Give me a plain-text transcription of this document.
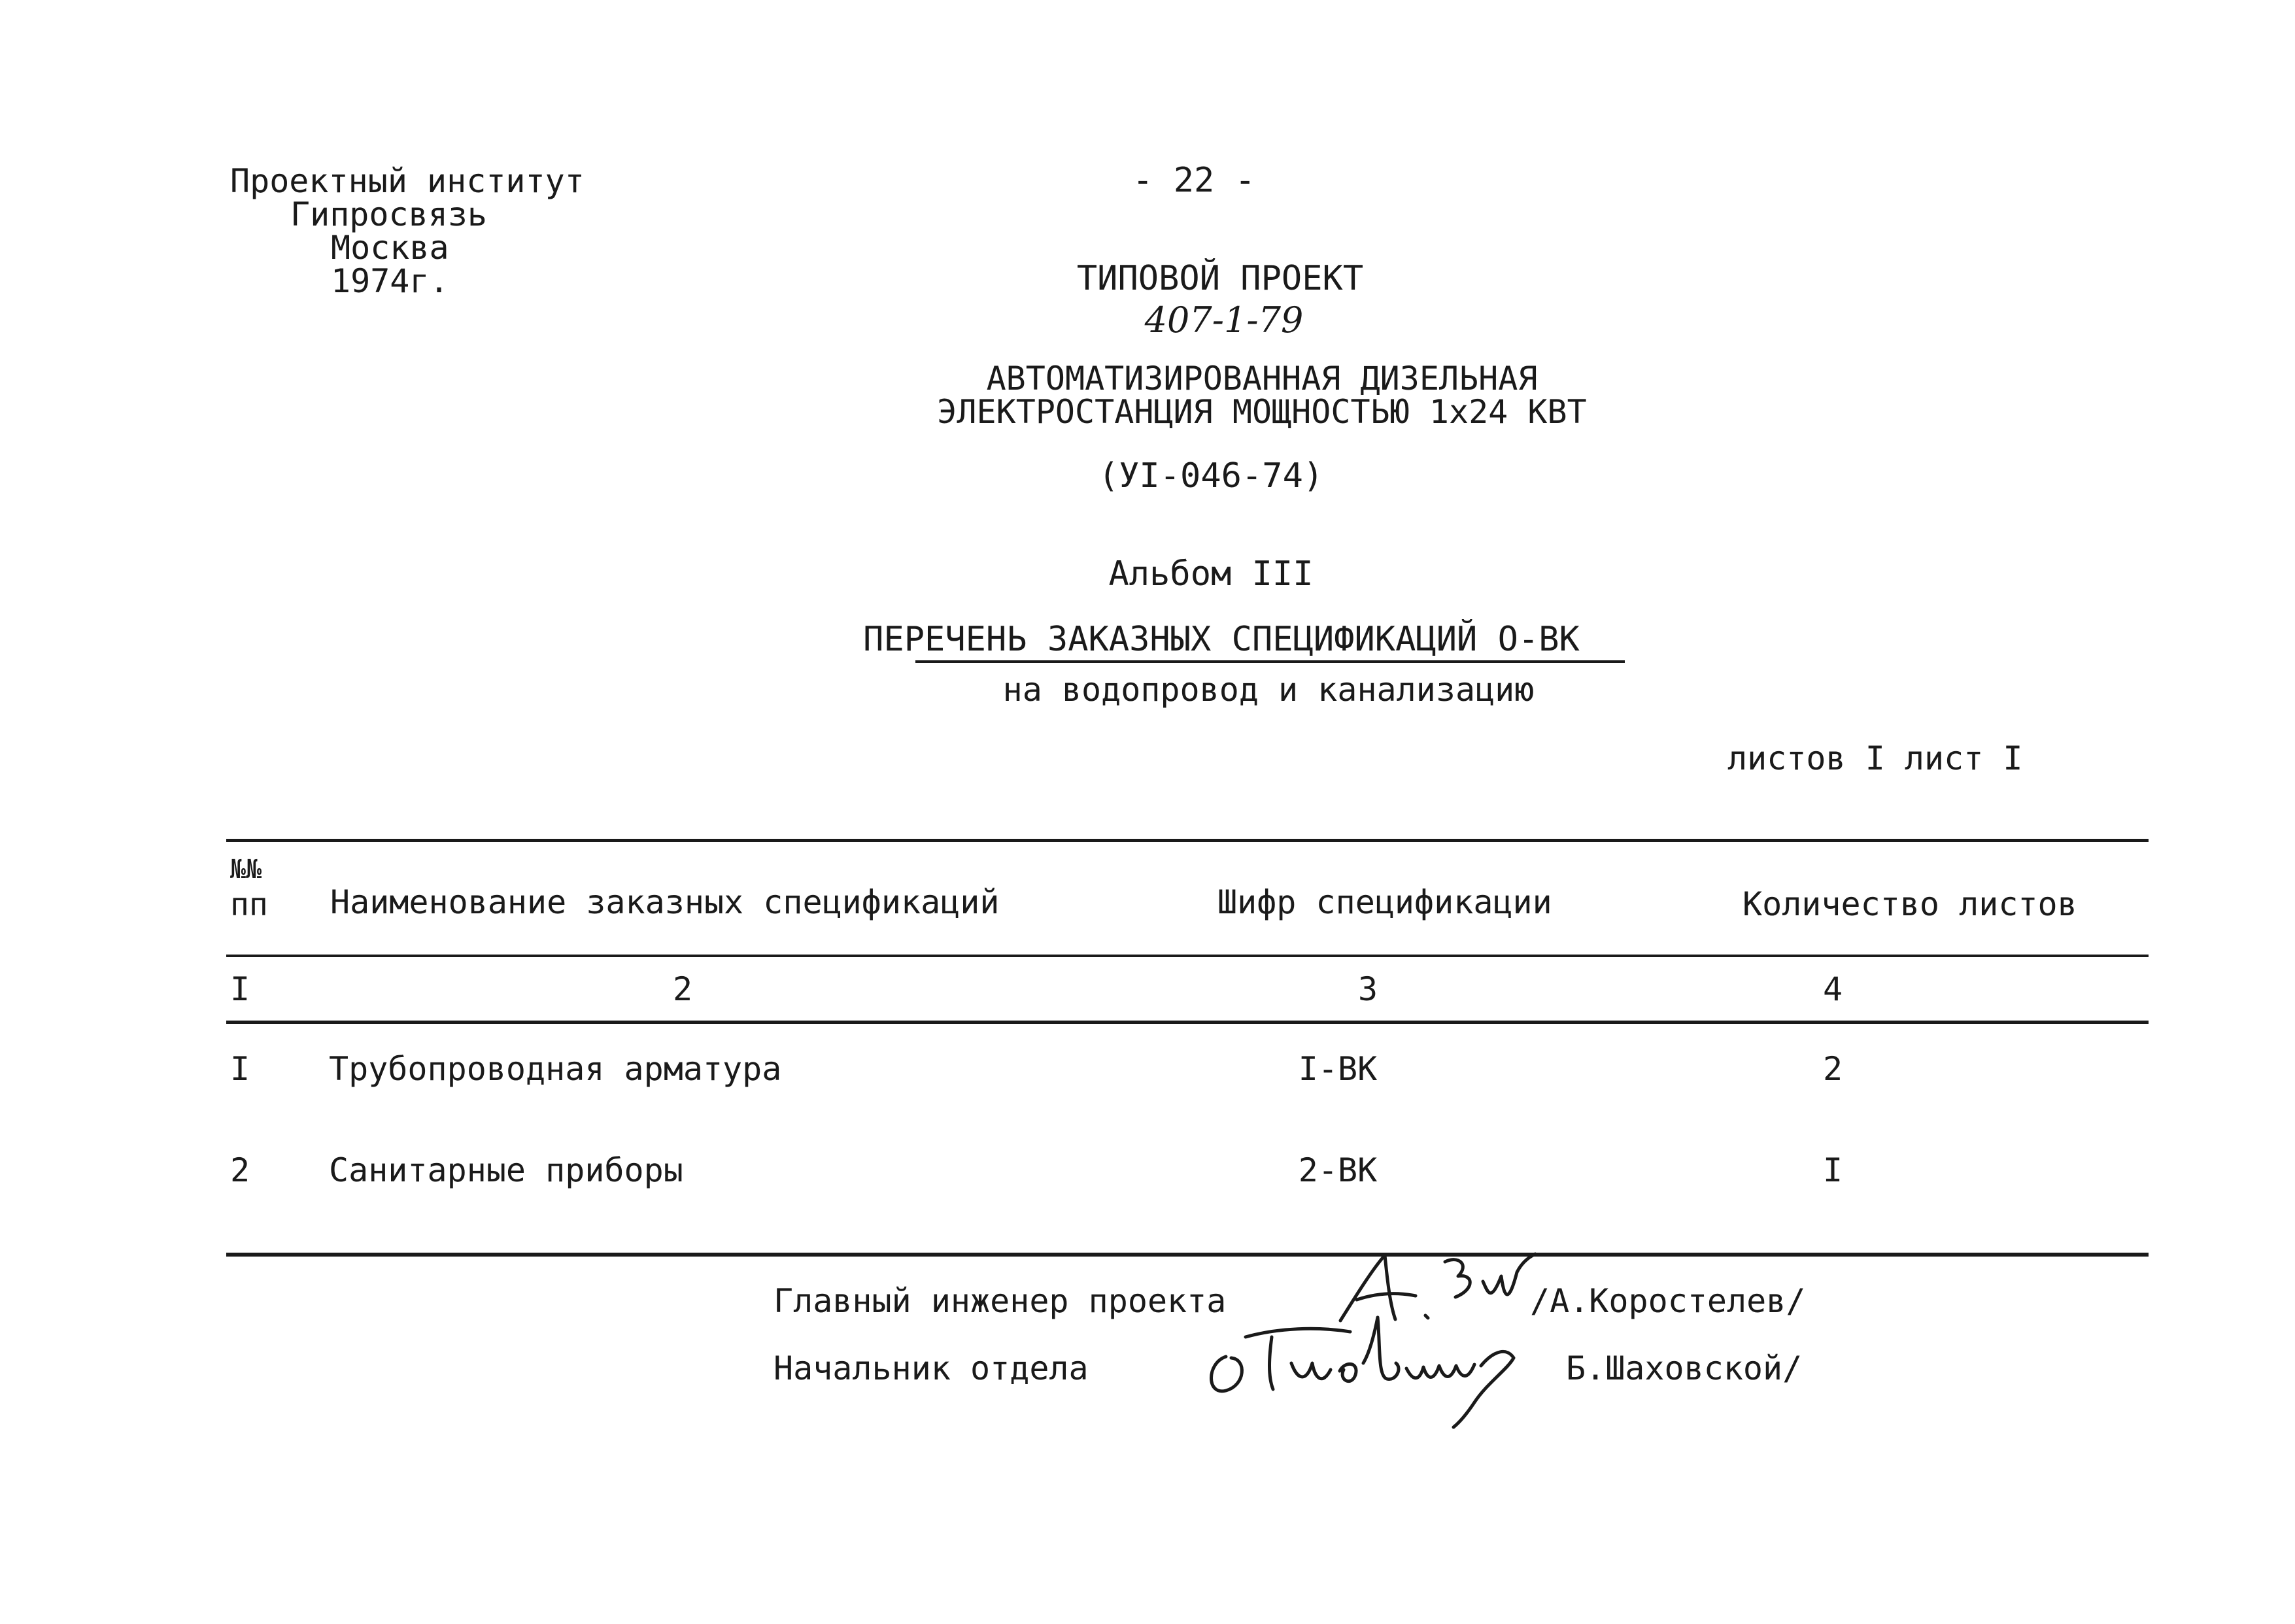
Проектный институт
Гипросвязь
Москва
1974г.
- 22 -
ТИПОВОЙ ПРОЕКТ
407-1-79
АВТОМАТИЗИРОВАННАЯ ДИЗЕЛЬНАЯ
ЭЛЕКТРОСТАНЦИЯ МОЩНОСТЬЮ 1х24 КВТ
(УI-046-74)
Альбом III
ПЕРЕЧЕНЬ ЗАКАЗНЫХ СПЕЦИФИКАЦИЙ О-ВК
на водопровод и канализацию
листов I лист I
№№
пп Наименование заказных спецификаций	Шифр спецификации	Количество листов
I	2	3	4
I Трубопроводная арматура	I-ВК	2
2 Санитарные приборы	2-ВК	I
Главный инженер проекта	/А.Коростелев/
Начальник отдела	Б.Шаховской/
